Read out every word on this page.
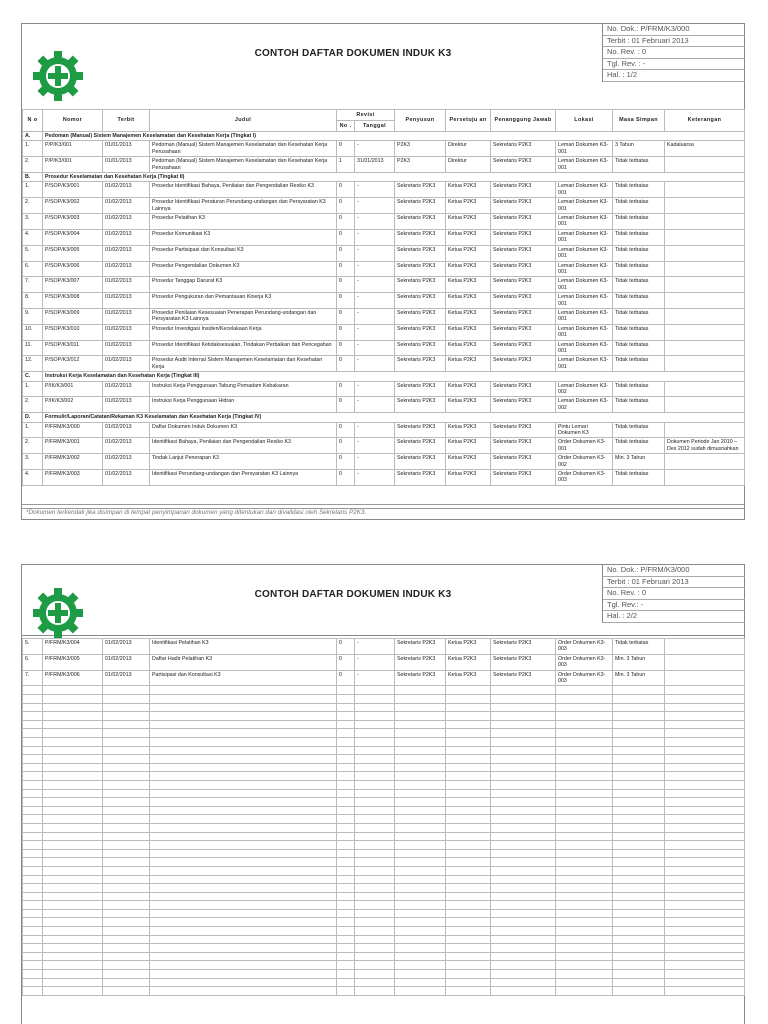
CONTOH DAFTAR DOKUMEN INDUK K3
No. Dok.: P/FRM/K3/000
Terbit : 01 Februari 2013
No. Rev. : 0
Tgl. Rev. : -
Hal. : 1/2
N o	Nomor	Terbit	Judul	Revisi		Penyusun	Persetuju an	Penanggung Jawab	Lokasi	Masa Simpan	Keterangan
				No .	Tanggal						
A.	Pedoman (Manual) Sistem Manajemen Keselamatan dan Kesehatan Kerja (Tingkat I)										
1.	P/P/K3/001	01/01/2013	Pedoman (Manual) Sistem Manajemen Keselamatan dan Kesehatan Kerja Perusahaan	0	-	P2K3	Direktur	Sekretaris P2K3	Lemari Dokumen K3-001	3 Tahun	Kadaluarsa
2.	P/P/K3/001	01/01/2013	Pedoman (Manual) Sistem Manajemen Keselamatan dan Kesehatan Kerja Perusahaan	1	31/01/2013	P2K3	Direktur	Sekretaris P2K3	Lemari Dokumen K3-001	Tidak terbatas	
B.	Prosedur Keselamatan dan Kesehatan Kerja (Tingkat II)										
1.	P/SOP/K3/001	01/02/2013	Prosedur Identifikasi Bahaya, Penilaian dan Pengendalian Resiko K3	0	-	Sekretaris P2K3	Ketua P2K3	Sekretaris P2K3	Lemari Dokumen K3-001	Tidak terbatas	
2.	P/SOP/K3/002	01/02/2013	Prosedur Identifikasi Peraturan Perundang-undangan dan Persyaratan K3 Lainnya	0	-	Sekretaris P2K3	Ketua P2K3	Sekretaris P2K3	Lemari Dokumen K3-001	Tidak terbatas	
3.	P/SOP/K3/003	01/02/2013	Prosedur Pelatihan K3	0	-	Sekretaris P2K3	Ketua P2K3	Sekretaris P2K3	Lemari Dokumen K3-001	Tidak terbatas	
4.	P/SOP/K3/004	01/02/2013	Prosedur Komunikasi K3	0	-	Sekretaris P2K3	Ketua P2K3	Sekretaris P2K3	Lemari Dokumen K3-001	Tidak terbatas	
5.	P/SOP/K3/005	01/02/2013	Prosedur Partisipasi dan Konsultasi K3	0	-	Sekretaris P2K3	Ketua P2K3	Sekretaris P2K3	Lemari Dokumen K3-001	Tidak terbatas	
6.	P/SOP/K3/006	01/02/2013	Prosedur Pengendalian Dokumen K3	0	-	Sekretaris P2K3	Ketua P2K3	Sekretaris P2K3	Lemari Dokumen K3-001	Tidak terbatas	
7.	P/SOP/K3/007	01/02/2013	Prosedur Tanggap Darurat K3	0	-	Sekretaris P2K3	Ketua P2K3	Sekretaris P2K3	Lemari Dokumen K3-001	Tidak terbatas	
8.	P/SOP/K3/008	01/02/2013	Prosedur Pengukuran dan Pemantauan Kinerja K3	0	-	Sekretaris P2K3	Ketua P2K3	Sekretaris P2K3	Lemari Dokumen K3-001	Tidak terbatas	
9.	P/SOP/K3/009	01/02/2013	Prosedur Penilaian Kesesuaian Penerapan Perundang-undangan dan Persyaratan K3 Lainnya	0	-	Sekretaris P2K3	Ketua P2K3	Sekretaris P2K3	Lemari Dokumen K3-001	Tidak terbatas	
10.	P/SOP/K3/010	01/02/2013	Prosedur Investigasi Insiden/Kecelakaan Kerja	0	-	Sekretaris P2K3	Ketua P2K3	Sekretaris P2K3	Lemari Dokumen K3-001	Tidak terbatas	
11.	P/SOP/K3/011	01/02/2013	Prosedur Identifikasi Ketidaksesuaian, Tindakan Perbaikan dan Pencegahan	0	-	Sekretaris P2K3	Ketua P2K3	Sekretaris P2K3	Lemari Dokumen K3-001	Tidak terbatas	
12.	P/SOP/K3/012	01/02/2013	Prosedur Audit Internal Sistem Manajemen Keselamatan dan Kesehatan Kerja	0	-	Sekretaris P2K3	Ketua P2K3	Sekretaris P2K3	Lemari Dokumen K3-001	Tidak terbatas	
C.	Instruksi Kerja Keselamatan dan Kesehatan Kerja (Tingkat III)										
1.	P/IK/K3/001	01/02/2013	Instruksi Kerja Penggunaan Tabung Pemadam Kebakaran	0	-	Sekretaris P2K3	Ketua P2K3	Sekretaris P2K3	Lemari Dokumen K3-002	Tidak terbatas	
2.	P/IK/K3/002	01/02/2013	Instruksi Kerja Penggunaan Hidran	0	-	Sekretaris P2K3	Ketua P2K3	Sekretaris P2K3	Lemari Dokumen K3-002	Tidak terbatas	
D.	Formulir/Laporan/Catatan/Rekaman K3 Keselamatan dan Kesehatan Kerja (Tingkat IV)										
1.	P/FRM/K3/000	01/02/2013	Daftar Dokumen Induk Dokumen K3	0	-	Sekretaris P2K3	Ketua P2K3	Sekretaris P2K3	Pintu Lemari Dokumen K3	Tidak terbatas	
2.	P/FRM/K3/001	01/02/2013	Identifikasi Bahaya, Penilaian dan Pengendalian Resiko K3	0	-	Sekretaris P2K3	Ketua P2K3	Sekretaris P2K3	Order Dokumen K3-001	Tidak terbatas	Dokumen Periode Jan 2010 – Des 2012 sudah dimusnahkan
3.	P/FRM/K3/002	01/02/2013	Tindak Lanjut Penerapan K3	0	-	Sekretaris P2K3	Ketua P2K3	Sekretaris P2K3	Order Dokumen K3-002	Min. 3 Tahun	
4.	P/FRM/K3/003	01/02/2013	Identifikasi Perundang-undangan dan Persyaratan K3 Lainnya	0	-	Sekretaris P2K3	Ketua P2K3	Sekretaris P2K3	Order Dokumen K3-003	Tidak terbatas	
*Dokumen terkendali jika disimpan di tempat penyimpanan dokumen yang ditentukan dan divalidasi oleh Sekretaris P2K3.
CONTOH DAFTAR DOKUMEN INDUK K3
No. Dok.: P/FRM/K3/000
Terbit : 01 Februari 2013
No. Rev. : 0
Tgl. Rev.: -
Hal. : 2/2
5.	P/FRM/K3/004	01/02/2013	Identifikasi Pelatihan K3	0	-	Sekretaris P2K3	Ketua P2K3	Sekretaris P2K3	Order Dokumen K3-003	Tidak terbatas	
6.	P/FRM/K3/005	01/02/2013	Daftar Hadir Pelatihan K3	0	-	Sekretaris P2K3	Ketua P2K3	Sekretaris P2K3	Order Dokumen K3-003	Min. 3 Tahun	
7.	P/FRM/K3/006	01/02/2013	Partisipasi dan Konsultasi K3	0	-	Sekretaris P2K3	Ketua P2K3	Sekretaris P2K3	Order Dokumen K3-003	Min. 3 Tahun	
